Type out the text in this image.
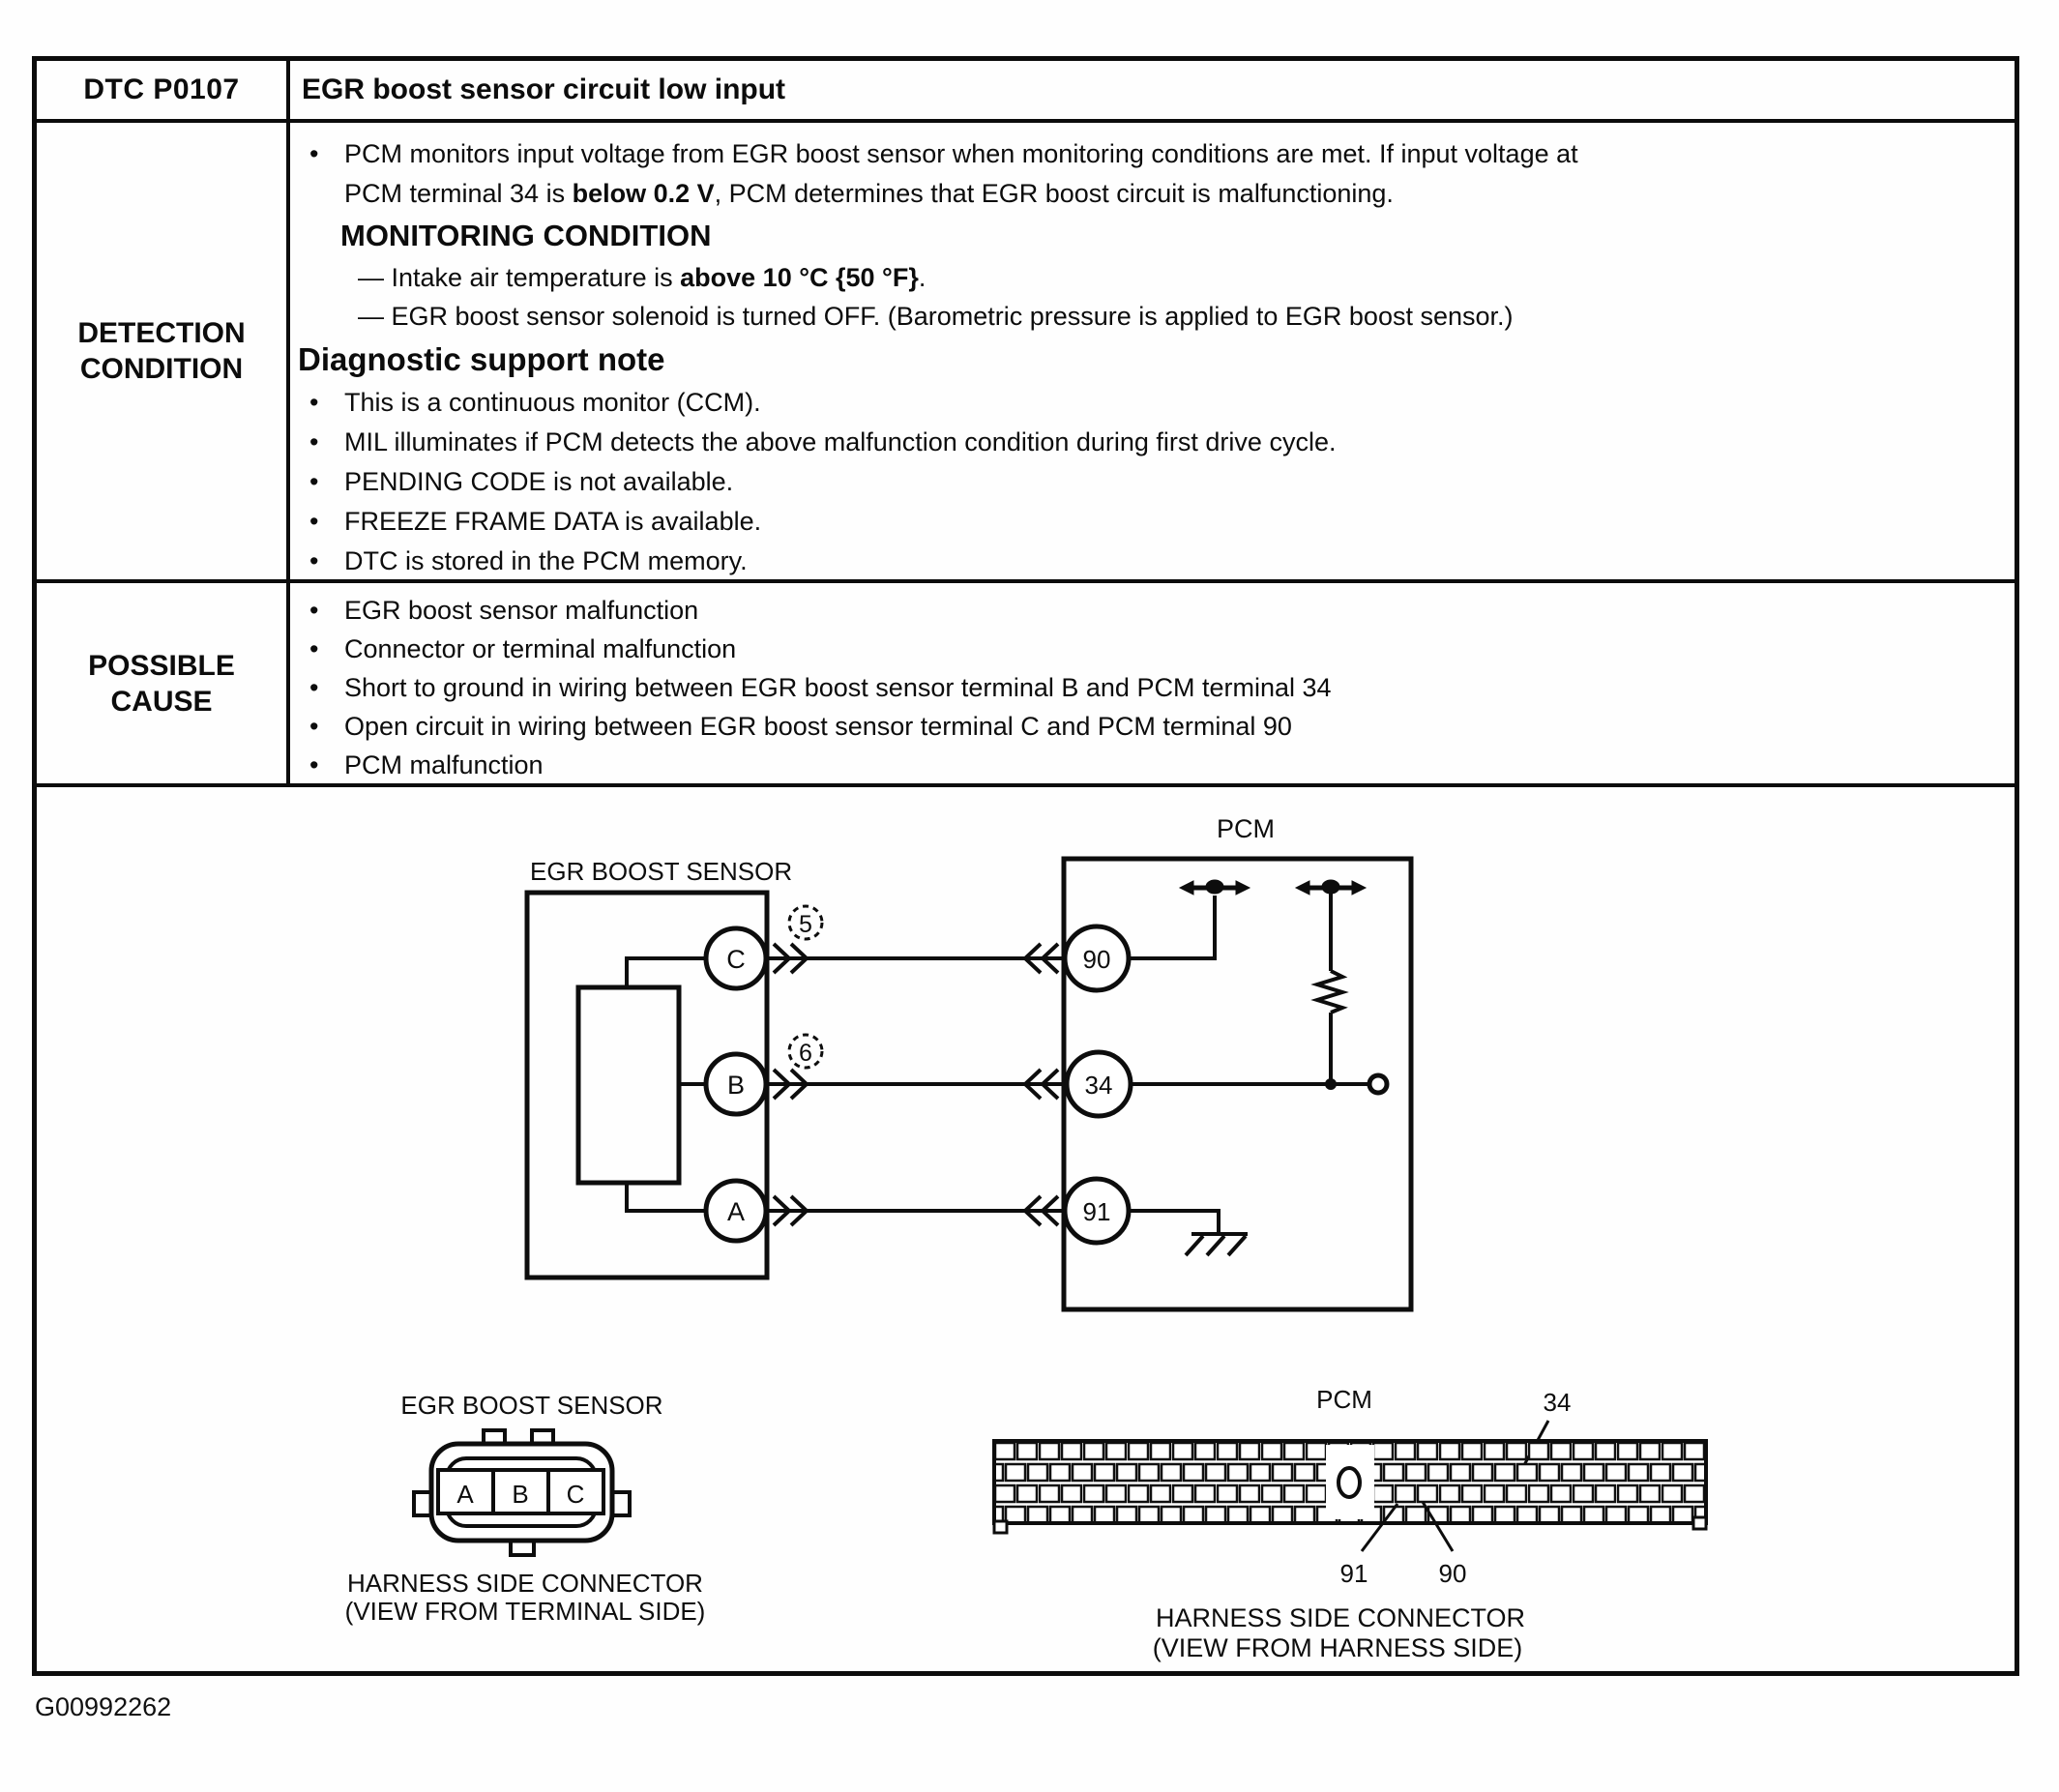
DTC P0107	EGR boost sensor circuit low input
DETECTION CONDITION
• PCM monitors input voltage from EGR boost sensor when monitoring conditions are met. If input voltage at
PCM terminal 34 is below 0.2 V, PCM determines that EGR boost circuit is malfunctioning.
MONITORING CONDITION
— Intake air temperature is above 10 °C {50 °F}.
— EGR boost sensor solenoid is turned OFF. (Barometric pressure is applied to EGR boost sensor.)
Diagnostic support note
• This is a continuous monitor (CCM).
• MIL illuminates if PCM detects the above malfunction condition during first drive cycle.
• PENDING CODE is not available.
• FREEZE FRAME DATA is available.
• DTC is stored in the PCM memory.
POSSIBLE CAUSE
• EGR boost sensor malfunction
• Connector or terminal malfunction
• Short to ground in wiring between EGR boost sensor terminal B and PCM terminal 34
• Open circuit in wiring between EGR boost sensor terminal C and PCM terminal 90
• PCM malfunction
PCM
EGR BOOST SENSOR
C
B
A
90
34
91
5
6
EGR BOOST SENSOR
A B C
HARNESS SIDE CONNECTOR
(VIEW FROM TERMINAL SIDE)
PCM	34
91	90
HARNESS SIDE CONNECTOR
(VIEW FROM HARNESS SIDE)
G00992262
